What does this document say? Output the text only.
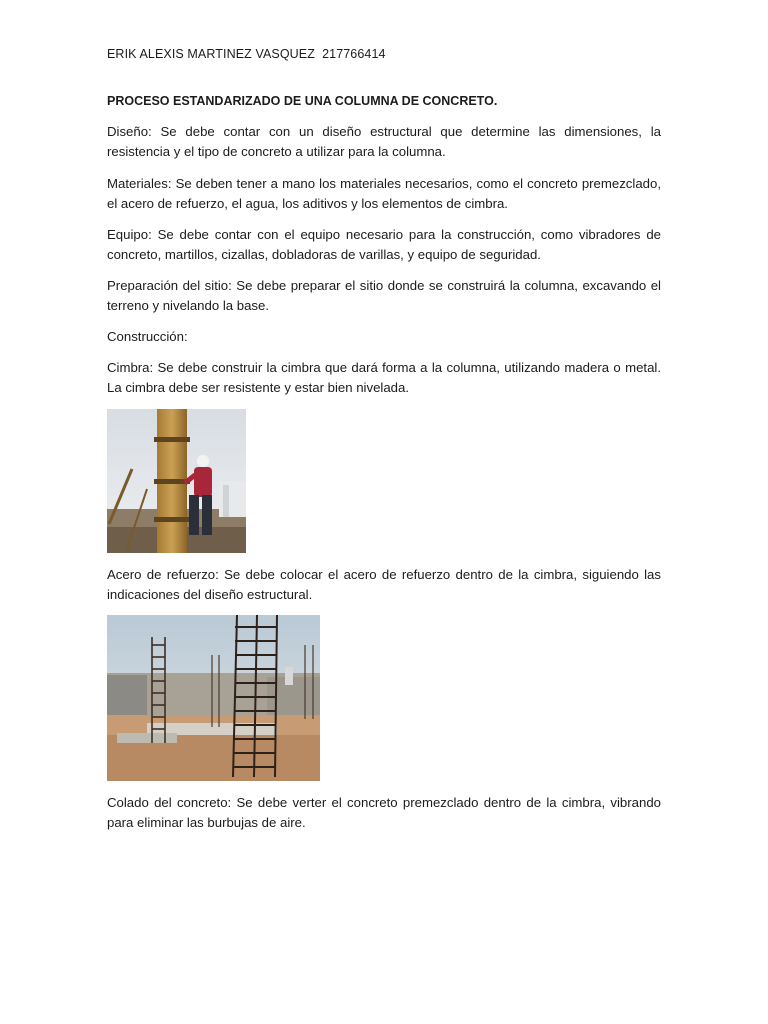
ERIK ALEXIS MARTINEZ VASQUEZ  217766414
PROCESO ESTANDARIZADO DE UNA COLUMNA DE CONCRETO.

Diseño: Se debe contar con un diseño estructural que determine las dimensiones, la resistencia y el tipo de concreto a utilizar para la columna.

Materiales: Se deben tener a mano los materiales necesarios, como el concreto premezclado, el acero de refuerzo, el agua, los aditivos y los elementos de cimbra.

Equipo: Se debe contar con el equipo necesario para la construcción, como vibradores de concreto, martillos, cizallas, dobladoras de varillas, y equipo de seguridad.

Preparación del sitio: Se debe preparar el sitio donde se construirá la columna, excavando el terreno y nivelando la base.

Construcción:

Cimbra: Se debe construir la cimbra que dará forma a la columna, utilizando madera o metal. La cimbra debe ser resistente y estar bien nivelada.

Acero de refuerzo: Se debe colocar el acero de refuerzo dentro de la cimbra, siguiendo las indicaciones del diseño estructural.

Colado del concreto: Se debe verter el concreto premezclado dentro de la cimbra, vibrando para eliminar las burbujas de aire.
